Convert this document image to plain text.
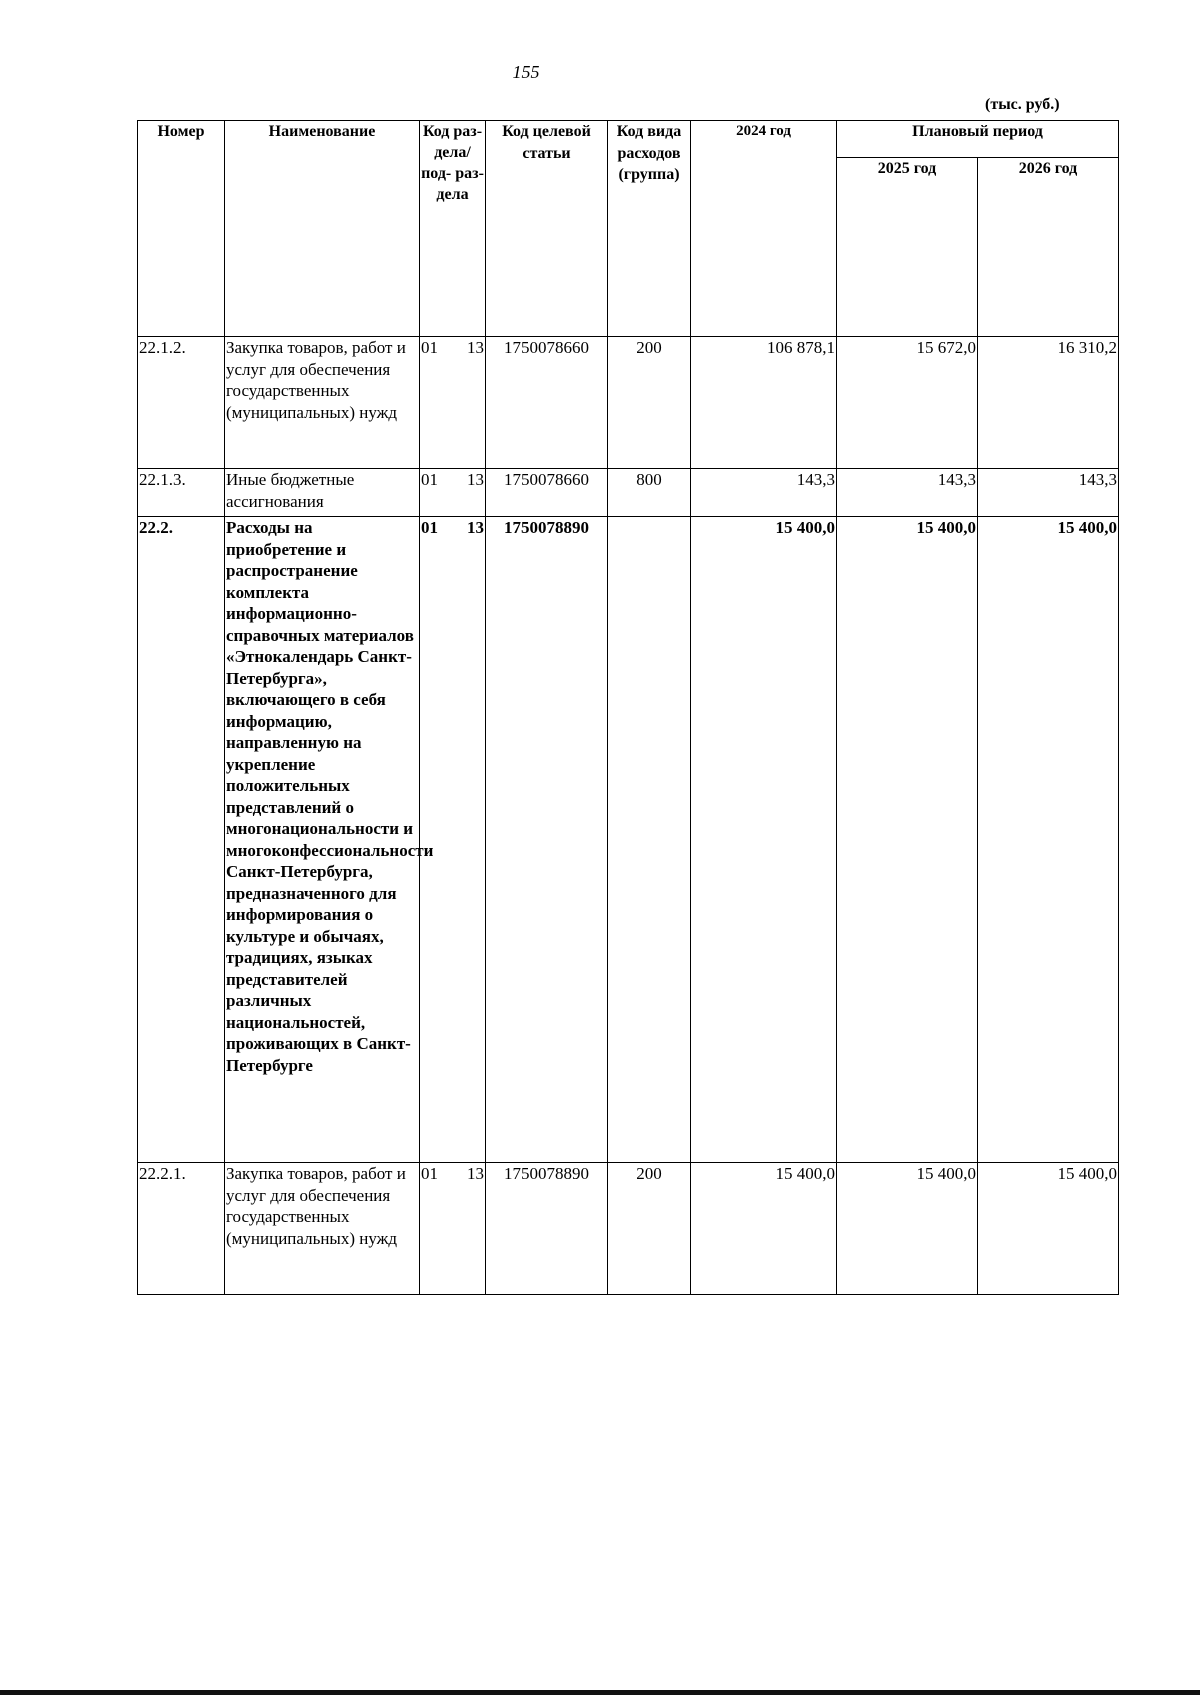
155
(тыс. руб.)
Номер	Наименование	Код раз- дела/ под- раз- дела	Код целевой статьи	Код вида расходов (группа)	2024 год	Плановый период	
						2025 год	2026 год
22.1.2.	Закупка товаров, работ и услуг для обеспечения государственных (муниципальных) нужд	01 13	1750078660	200	106 878,1	15 672,0	16 310,2
22.1.3.	Иные бюджетные ассигнования	01 13	1750078660	800	143,3	143,3	143,3
22.2.	Расходы на приобретение и распространение комплекта информационно-справочных материалов «Этнокалендарь Санкт-Петербурга», включающего в себя информацию, направленную на укрепление положительных представлений о многонациональности и многоконфессиональности Санкт-Петербурга, предназначенного для информирования о культуре и обычаях, традициях, языках представителей различных национальностей, проживающих в Санкт-Петербурге	01 13	1750078890		15 400,0	15 400,0	15 400,0
22.2.1.	Закупка товаров, работ и услуг для обеспечения государственных (муниципальных) нужд	01 13	1750078890	200	15 400,0	15 400,0	15 400,0
